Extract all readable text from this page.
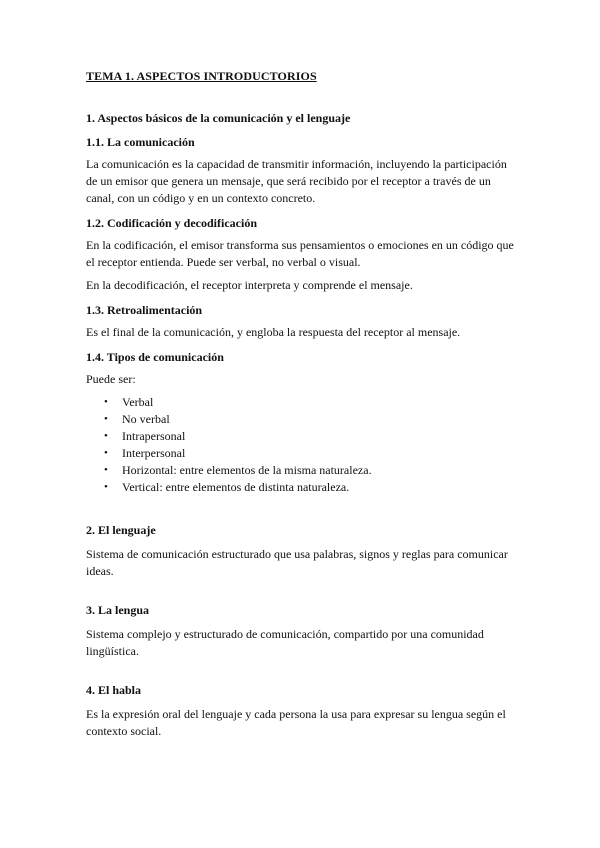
TEMA 1. ASPECTOS INTRODUCTORIOS
1. Aspectos básicos de la comunicación y el lenguaje
1.1. La comunicación
La comunicación es la capacidad de transmitir información, incluyendo la participación de un emisor que genera un mensaje, que será recibido por el receptor a través de un canal, con un código y en un contexto concreto.
1.2. Codificación y decodificación
En la codificación, el emisor transforma sus pensamientos o emociones en un código que el receptor entienda. Puede ser verbal, no verbal o visual.
En la decodificación, el receptor interpreta y comprende el mensaje.
1.3. Retroalimentación
Es el final de la comunicación, y engloba la respuesta del receptor al mensaje.
1.4. Tipos de comunicación
Puede ser:
• Verbal
• No verbal
• Intrapersonal
• Interpersonal
• Horizontal: entre elementos de la misma naturaleza.
• Vertical: entre elementos de distinta naturaleza.
2. El lenguaje
Sistema de comunicación estructurado que usa palabras, signos y reglas para comunicar ideas.
3. La lengua
Sistema complejo y estructurado de comunicación, compartido por una comunidad lingüística.
4. El habla
Es la expresión oral del lenguaje y cada persona la usa para expresar su lengua según el contexto social.
